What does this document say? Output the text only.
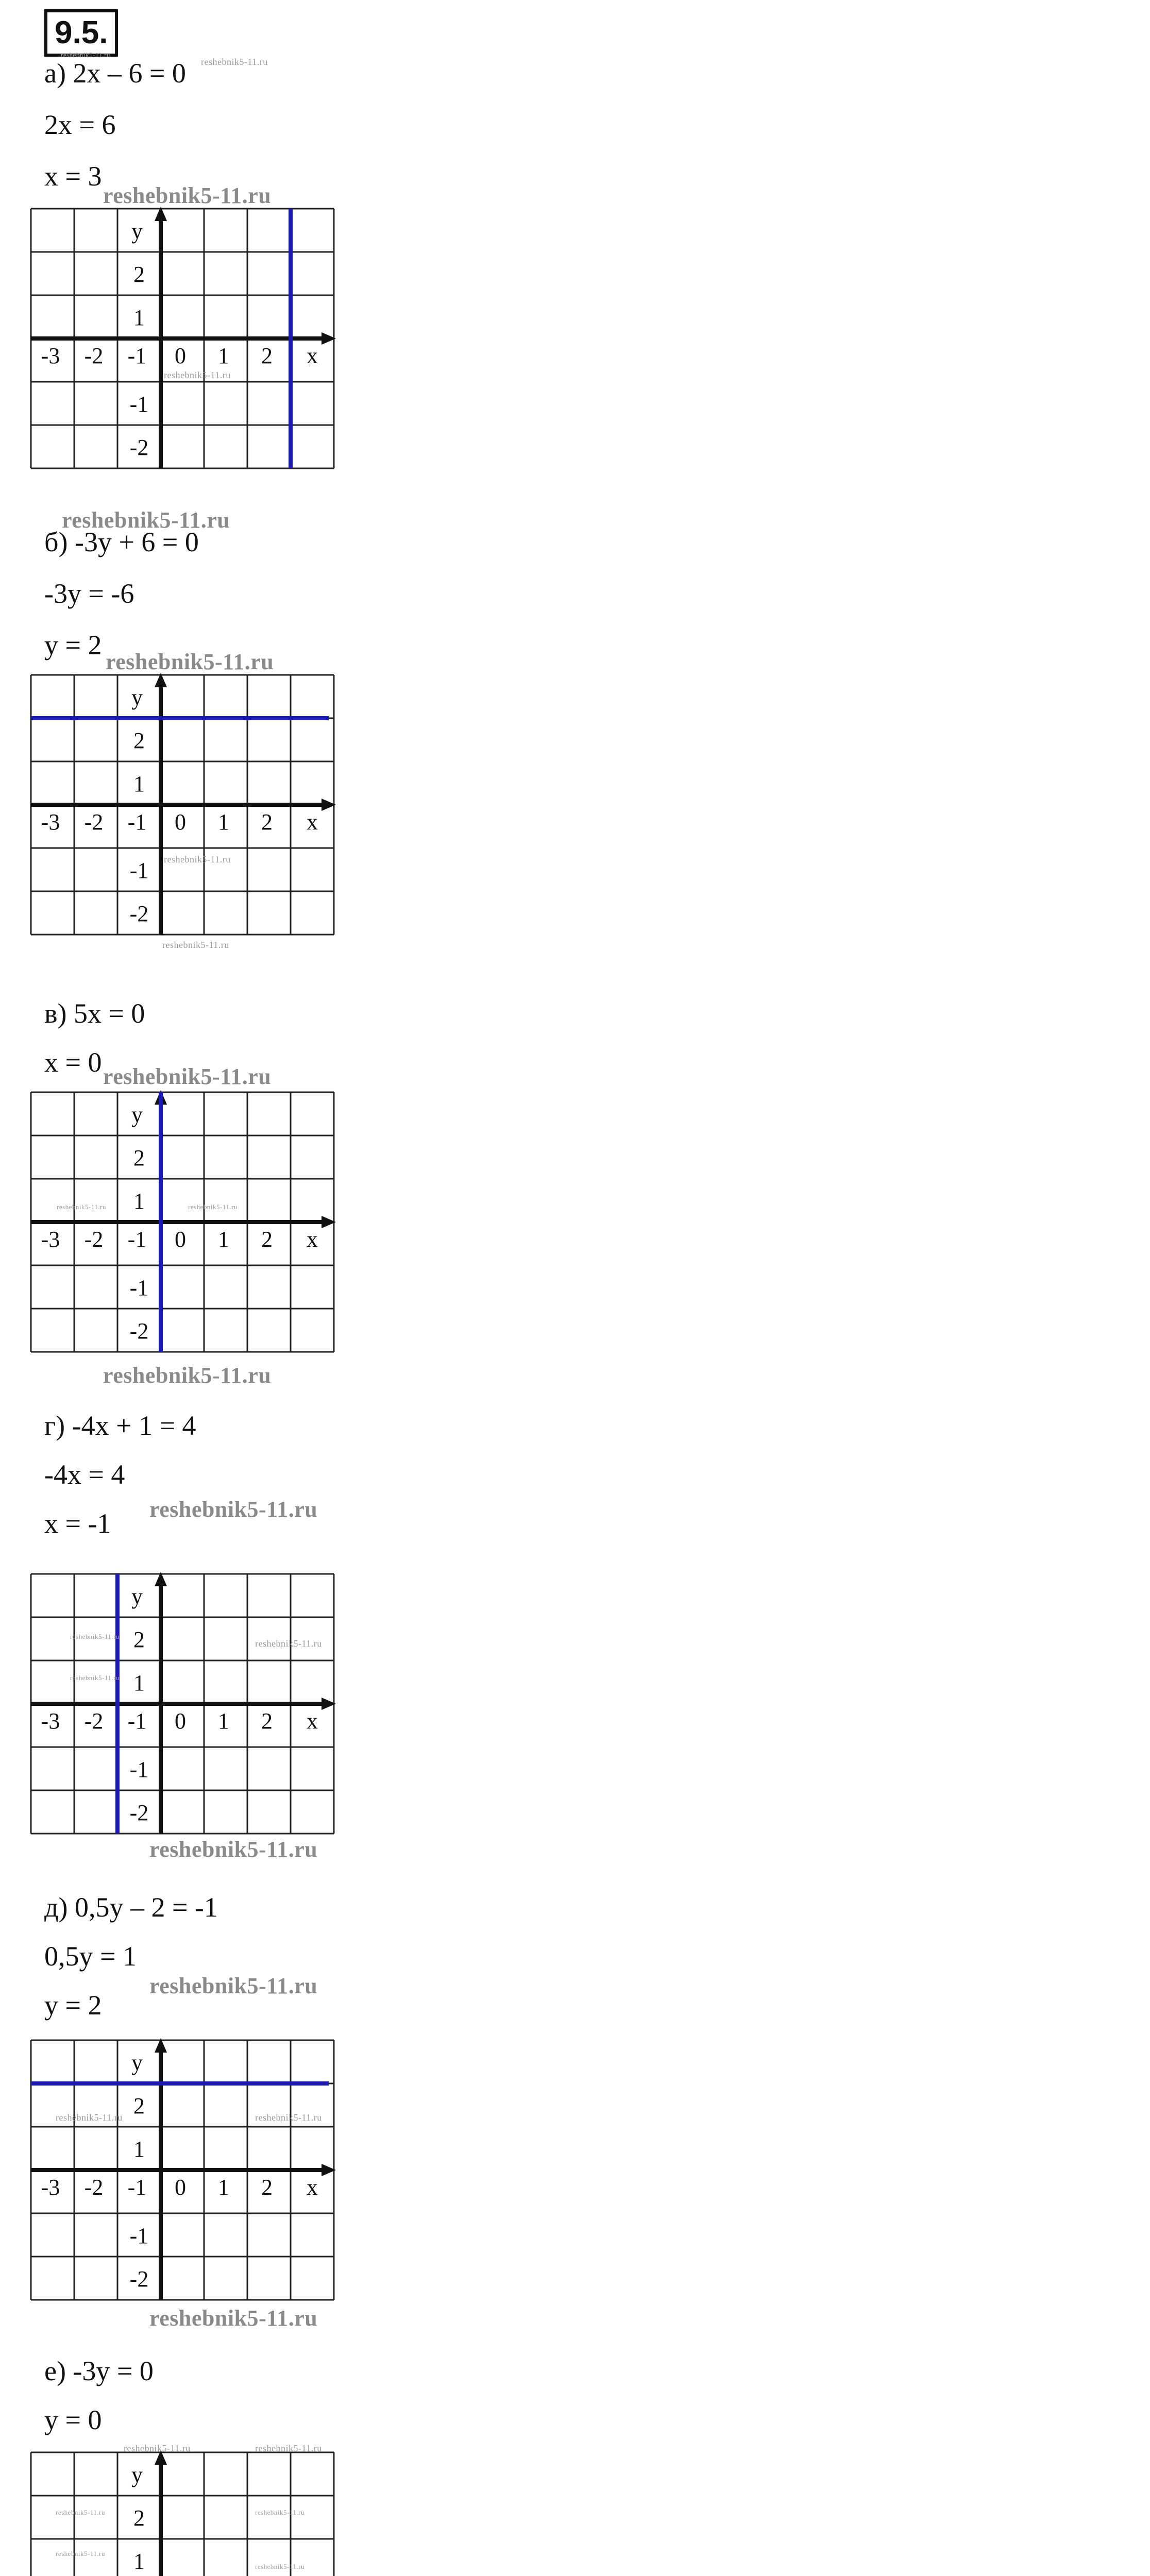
9.5.
а) 2x – 6 = 0
2x = 6
x = 3
-3 -2 -1 0 1 2 x
y
2
1
-1
-2
б) -3y + 6 = 0
-3y = -6
y = 2
-3 -2 -1 0 1 2 x
y
2
1
-1
-2
в) 5x = 0
x = 0
-3 -2 -1 0 1 2 x
y
2
1
-1
-2
г) -4x + 1 = 4
-4x = 4
x = -1
-3 -2 -1 0 1 2 x
y
2
1
-1
-2
д) 0,5y – 2 = -1
0,5y = 1
y = 2
-3 -2 -1 0 1 2 x
y
2
1
-1
-2
е) -3y = 0
y = 0
y
2
1
reshebnik5-11.ru
reshebnik5-11.ru
reshebnik5-11.ru
reshebnik5-11.ru
reshebnik5-11.ru
reshebnik5-11.ru
reshebnik5-11.ru
reshebnik5-11.ru
reshebnik5-11.ru
reshebnik5-11.ru	reshebnik5-11.ru
reshebnik5-11.ru
reshebnik5-11.ru
reshebnik5-11.ru
reshebnik5-11.ru
reshebnik5-11.ru
reshebnik5-11.ru
reshebnik5-11.ru
reshebnik5-11.ru	reshebnik5-11.ru
reshebnik5-11.ru
reshebnik5-11.ru	reshebnik5-11.ru
reshebnik5-11.ru
reshebnik5-11.ru
reshebnik5-11.ru
reshebnik5-11.ru
